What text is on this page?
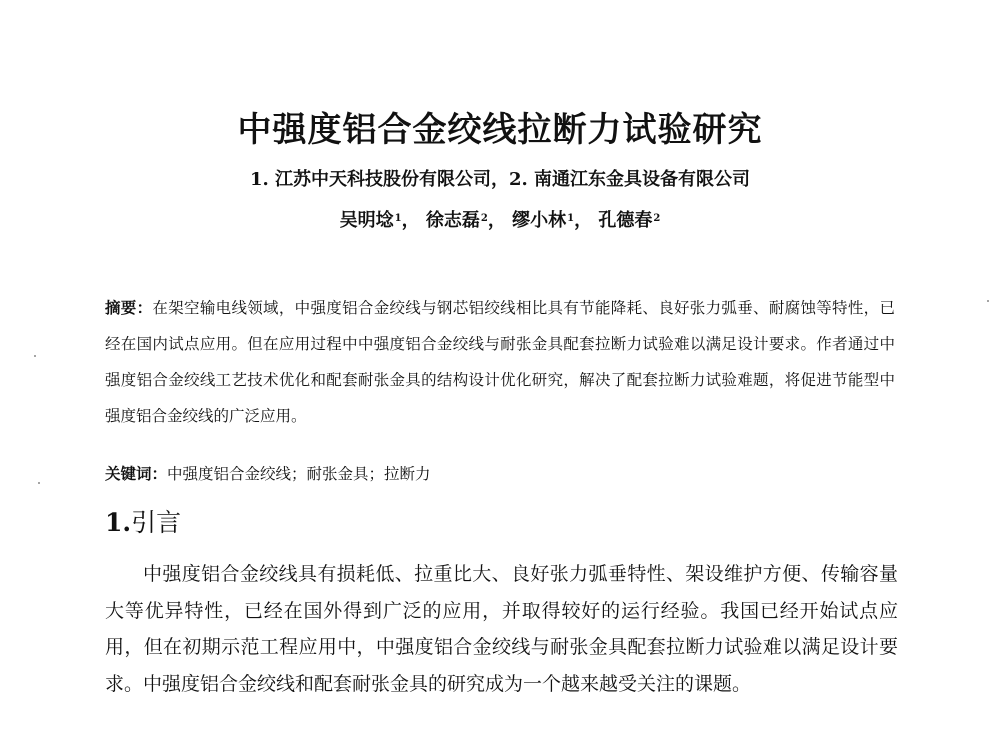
中强度铝合金绞线拉断力试验研究
1. 江苏中天科技股份有限公司，2. 南通江东金具设备有限公司
吴明埝$^1$， 徐志磊$^2$， 缪小林$^1$， 孔德春$^2$
摘要：在架空输电线领域，中强度铝合金绞线与钢芯铝绞线相比具有节能降耗、良好张力弧垂、耐腐蚀等特性，已经在国内试点应用。但在应用过程中中强度铝合金绞线与耐张金具配套拉断力试验难以满足设计要求。作者通过中强度铝合金绞线工艺技术优化和配套耐张金具的结构设计优化研究，解决了配套拉断力试验难题，将促进节能型中强度铝合金绞线的广泛应用。
关键词：中强度铝合金绞线；耐张金具；拉断力
1.引言
中强度铝合金绞线具有损耗低、拉重比大、良好张力弧垂特性、架设维护方便、传输容量大等优异特性，已经在国外得到广泛的应用，并取得较好的运行经验。我国已经开始试点应用，但在初期示范工程应用中，中强度铝合金绞线与耐张金具配套拉断力试验难以满足设计要求。中强度铝合金绞线和配套耐张金具的研究成为一个越来越受关注的课题。
